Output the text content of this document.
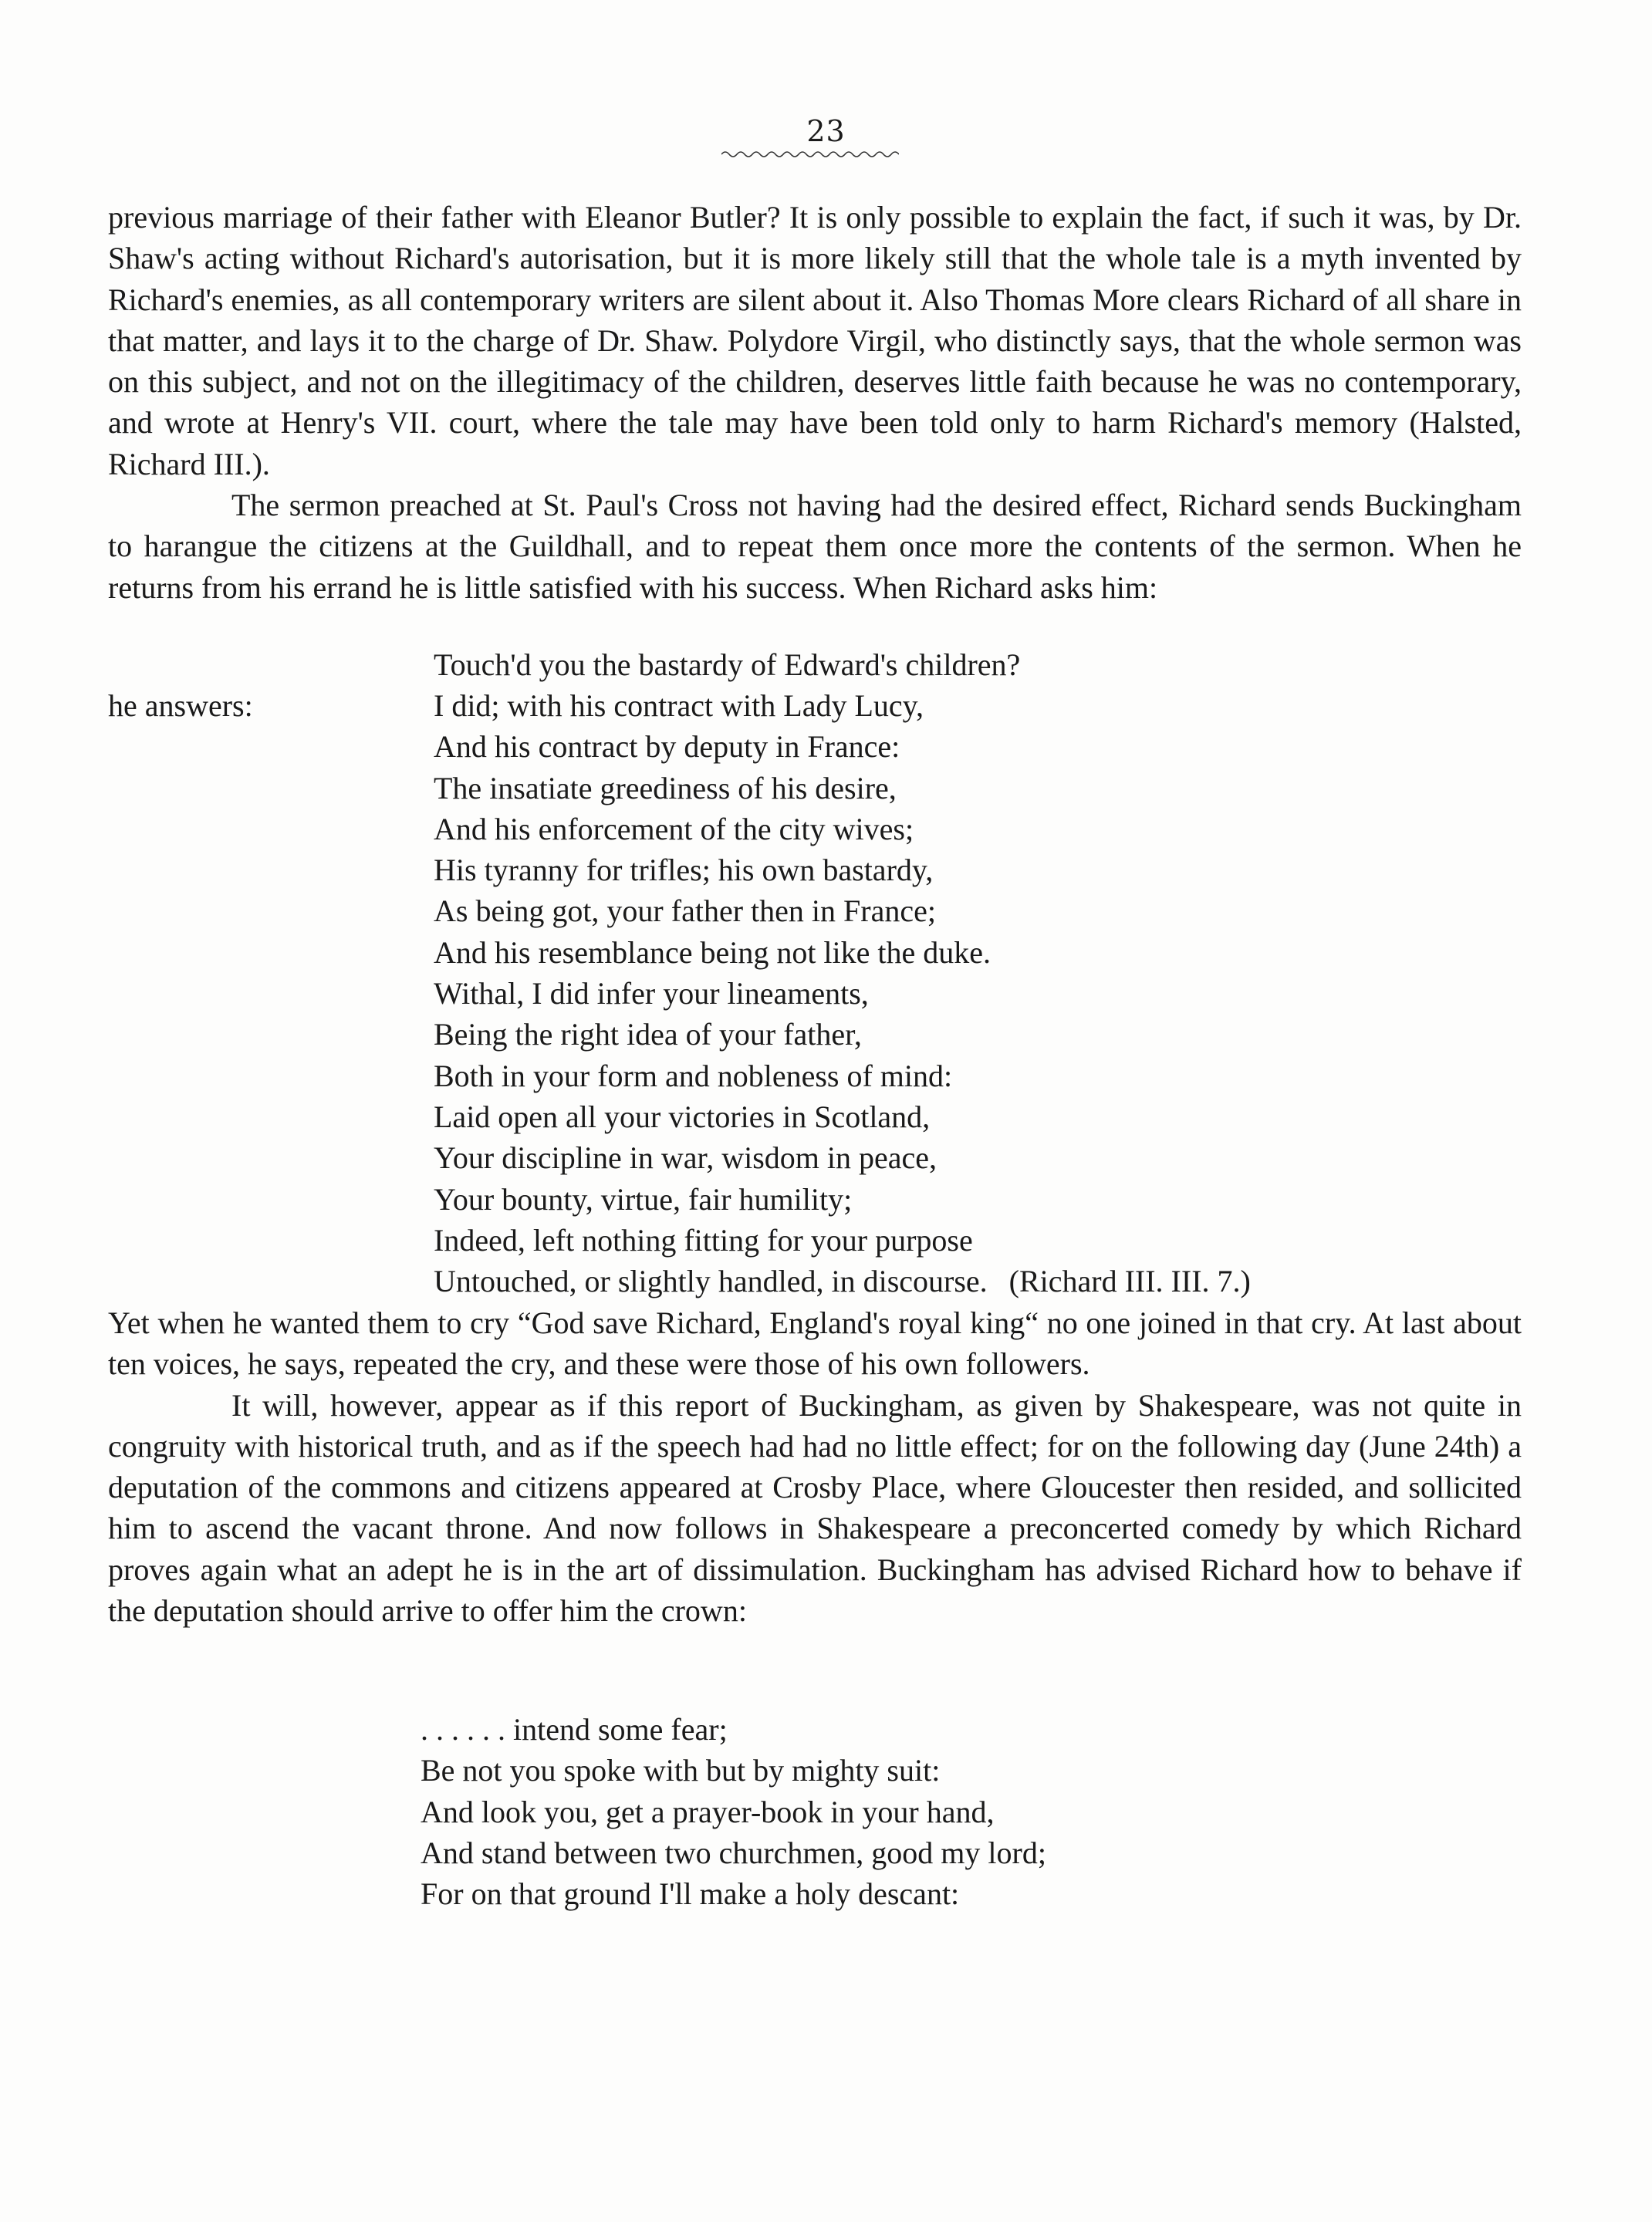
23

previous marriage of their father with Eleanor Butler? It is only possible to explain the fact, if such it was, by Dr. Shaw's acting without Richard's autorisation, but it is more likely still that the whole tale is a myth invented by Richard's enemies, as all contemporary writers are silent about it. Also Thomas More clears Richard of all share in that matter, and lays it to the charge of Dr. Shaw. Polydore Virgil, who distinctly says, that the whole sermon was on this subject, and not on the illegitimacy of the children, deserves little faith because he was no contemporary, and wrote at Henry's VII. court, where the tale may have been told only to harm Richard's memory (Halsted, Richard III.).

The sermon preached at St. Paul's Cross not having had the desired effect, Richard sends Buckingham to harangue the citizens at the Guildhall, and to repeat them once more the contents of the sermon. When he returns from his errand he is little satisfied with his success. When Richard asks him:

Touch'd you the bastardy of Edward's children?
he answers:	I did; with his contract with Lady Lucy,
And his contract by deputy in France:
The insatiate greediness of his desire,
And his enforcement of the city wives;
His tyranny for trifles; his own bastardy,
As being got, your father then in France;
And his resemblance being not like the duke.
Withal, I did infer your lineaments,
Being the right idea of your father,
Both in your form and nobleness of mind:
Laid open all your victories in Scotland,
Your discipline in war, wisdom in peace,
Your bounty, virtue, fair humility;
Indeed, left nothing fitting for your purpose
Untouched, or slightly handled, in discourse. (Richard III. III. 7.)

Yet when he wanted them to cry “God save Richard, England's royal king“ no one joined in that cry. At last about ten voices, he says, repeated the cry, and these were those of his own followers.

It will, however, appear as if this report of Buckingham, as given by Shakespeare, was not quite in congruity with historical truth, and as if the speech had had no little effect; for on the following day (June 24th) a deputation of the commons and citizens appeared at Crosby Place, where Gloucester then resided, and sollicited him to ascend the vacant throne. And now follows in Shakespeare a preconcerted comedy by which Richard proves again what an adept he is in the art of dissimulation. Buckingham has advised Richard how to behave if the deputation should arrive to offer him the crown:

. . . . . . intend some fear;
Be not you spoke with but by mighty suit:
And look you, get a prayer-book in your hand,
And stand between two churchmen, good my lord;
For on that ground I'll make a holy descant:
